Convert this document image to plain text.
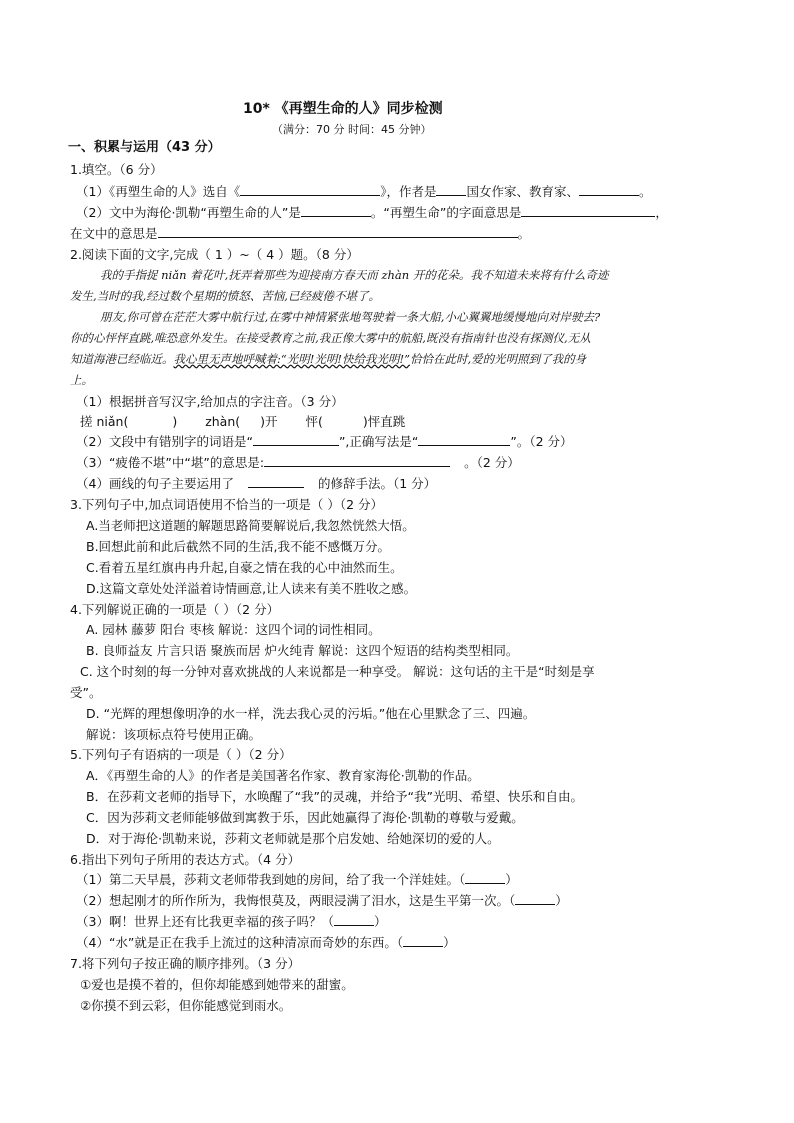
10* 《再塑生命的人》同步检测
（满分：70 分 时间：45 分钟）
一、积累与运用（43 分）
1.填空。（6 分）
（1）《再塑生命的人》选自《	》，作者是 国女作家、教育家、	。
（2）文中为海伦·凯勒“再塑生命的人”是	。“再塑生命”的字面意思是	，
在文中的意思是	。
2.阅读下面的文字,完成（ 1 ）~（ 4 ）题。（8 分）
我的手指捉 niǎn 着花叶,抚弄着那些为迎接南方春天而 zhàn 开的花朵。我不知道未来将有什么奇迹
发生,当时的我,经过数个星期的愤怒、苦恼,已经疲倦不堪了。
朋友,你可曾在茫茫大雾中航行过,在雾中神情紧张地驾驶着一条大船,小心翼翼地缓慢地向对岸驶去?
你的心怦怦直跳,唯恐意外发生。在接受教育之前,我正像大雾中的航船,既没有指南针也没有探测仪,无从
知道海港已经临近。我心里无声地呼喊着:“光明!光明!快给我光明!”恰恰在此时,爱的光明照到了我的身
上。
（1）根据拼音写汉字,给加点的字注音。（3 分）
搓 niǎn(	) zhàn( )开 怦(	)怦直跳
（2）文段中有错别字的词语是“	”,正确写法是“	”。（2 分）
（3）“疲倦不堪”中“堪”的意思是:	。（2 分）
（4）画线的句子主要运用了	的修辞手法。（1 分）
3.下列句子中,加点词语使用不恰当的一项是（ ）（2 分）
A.当老师把这道题的解题思路简要解说后,我忽然恍然大悟。
B.回想此前和此后截然不同的生活,我不能不感慨万分。
C.看着五星红旗冉冉升起,自豪之情在我的心中油然而生。
D.这篇文章处处洋溢着诗情画意,让人读来有美不胜收之感。
4.下列解说正确的一项是（ ）（2 分）
A. 园林 藤萝 阳台 枣核 解说：这四个词的词性相同。
B. 良师益友 片言只语 聚族而居 炉火纯青 解说：这四个短语的结构类型相同。
C. 这个时刻的每一分钟对喜欢挑战的人来说都是一种享受。 解说：这句话的主干是“时刻是享
受”。
D. “光辉的理想像明净的水一样，洗去我心灵的污垢。”他在心里默念了三、四遍。
解说：该项标点符号使用正确。
5.下列句子有语病的一项是（ ）（2 分）
A．《再塑生命的人》的作者是美国著名作家、教育家海伦·凯勒的作品。
B．在莎莉文老师的指导下，水唤醒了“我”的灵魂，并给予“我”光明、希望、快乐和自由。
C．因为莎莉文老师能够做到寓教于乐，因此她赢得了海伦·凯勒的尊敬与爱戴。
D．对于海伦·凯勒来说，莎莉文老师就是那个启发她、给她深切的爱的人。
6.指出下列句子所用的表达方式。（4 分）
（1）第二天早晨，莎莉文老师带我到她的房间，给了我一个洋娃娃。（	）
（2）想起刚才的所作所为，我悔恨莫及，两眼浸满了泪水，这是生平第一次。（	）
（3）啊！世界上还有比我更幸福的孩子吗？（	）
（4）“水”就是正在我手上流过的这种清凉而奇妙的东西。（	）
7.将下列句子按正确的顺序排列。（3 分）
①爱也是摸不着的，但你却能感到她带来的甜蜜。
②你摸不到云彩，但你能感觉到雨水。
